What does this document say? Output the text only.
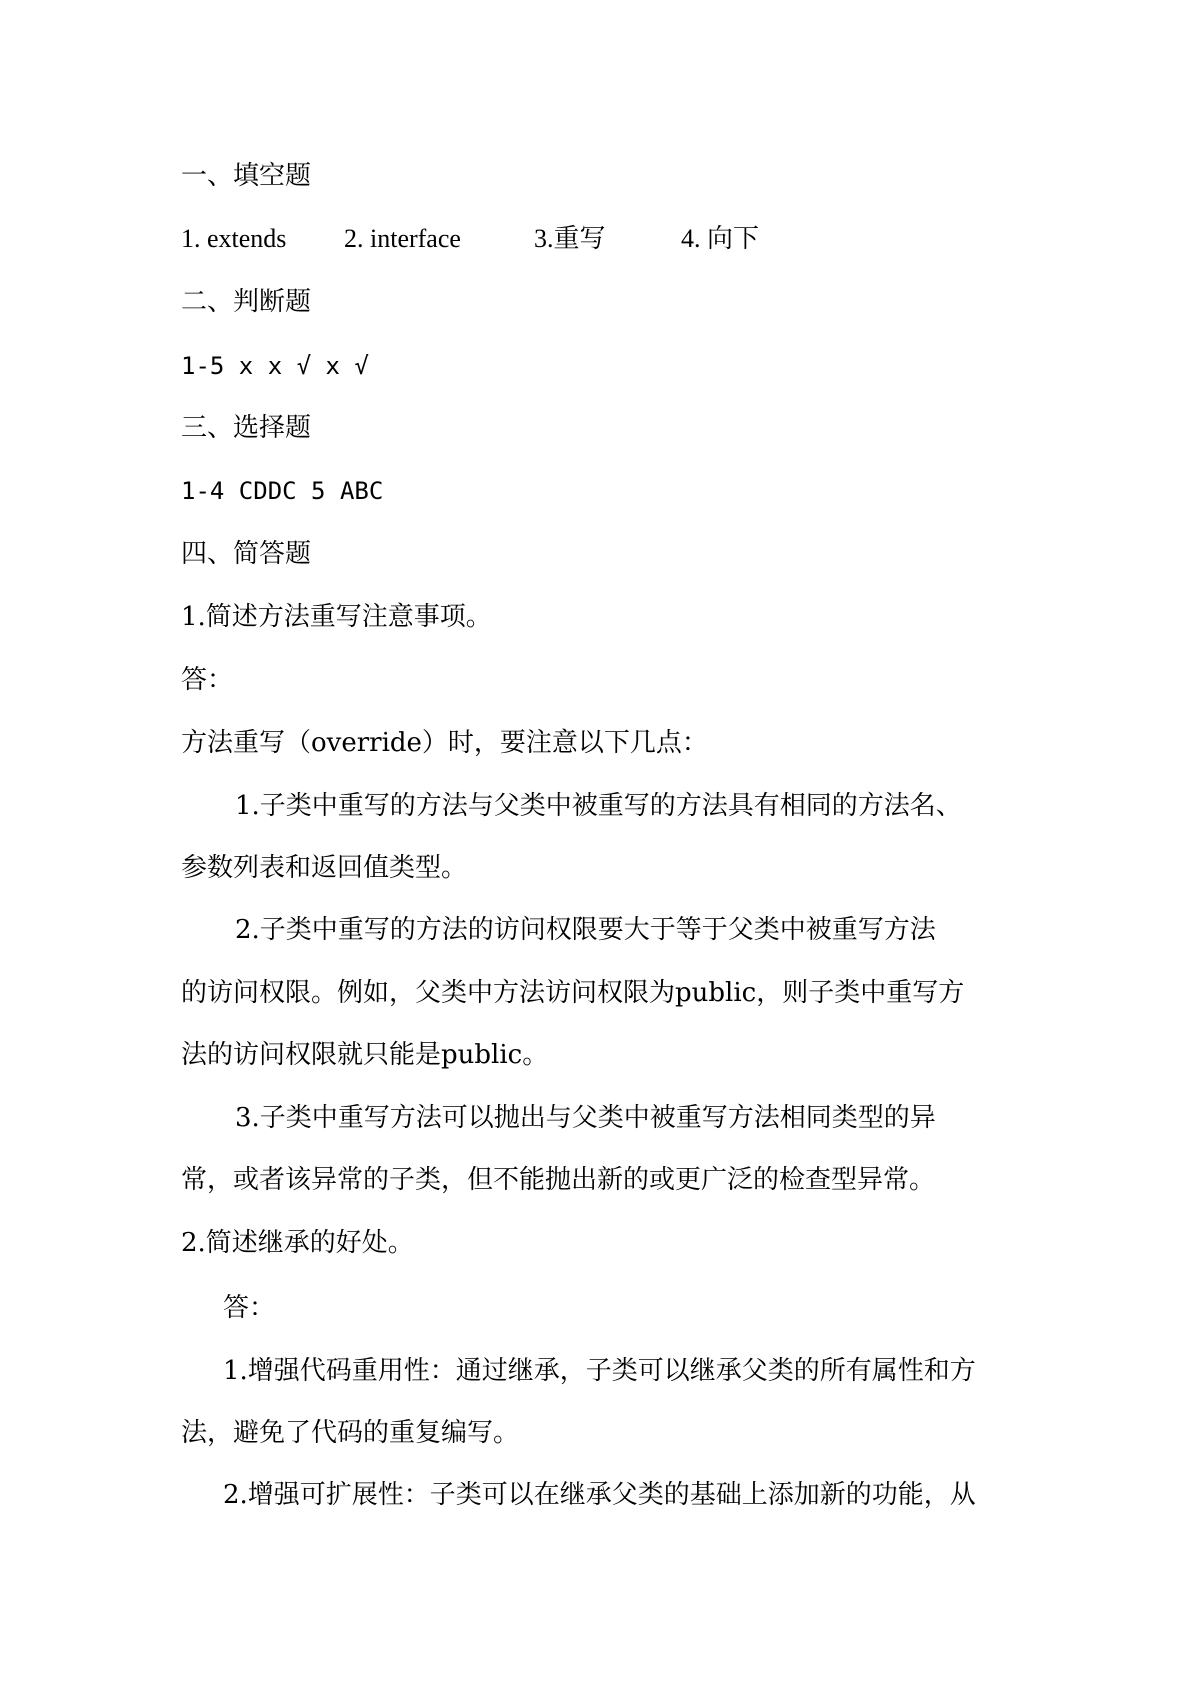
一、填空题
1. extends 2. interface	3.重写	4. 向下
二、判断题
1-5 x x √ x √
三、选择题
1-4 CDDC 5 ABC
四、简答题
1.简述方法重写注意事项。
答：
方法重写（override）时，要注意以下几点：
1.子类中重写的方法与父类中被重写的方法具有相同的方法名、
参数列表和返回值类型。
2.子类中重写的方法的访问权限要大于等于父类中被重写方法
的访问权限。例如，父类中方法访问权限为public，则子类中重写方
法的访问权限就只能是public。
3.子类中重写方法可以抛出与父类中被重写方法相同类型的异
常，或者该异常的子类，但不能抛出新的或更广泛的检查型异常。
2.简述继承的好处。
答：
1.增强代码重用性：通过继承，子类可以继承父类的所有属性和方
法，避免了代码的重复编写。
2.增强可扩展性：子类可以在继承父类的基础上添加新的功能，从
